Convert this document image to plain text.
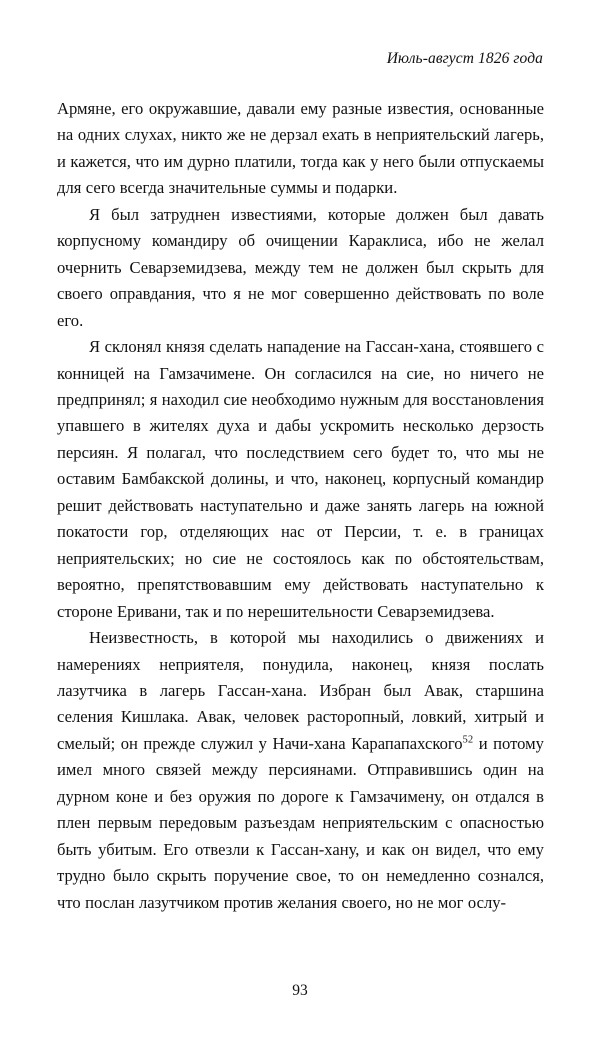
Июль-август 1826 года

Армяне, его окружавшие, давали ему разные известия, основанные на одних слухах, никто же не дерзал ехать в неприятельский лагерь, и кажется, что им дурно платили, тогда как у него были отпускаемы для сего всегда значительные суммы и подарки.

Я был затруднен известиями, которые должен был давать корпусному командиру об очищении Караклиса, ибо не желал очернить Севарземидзева, между тем не должен был скрыть для своего оправдания, что я не мог совершенно действовать по воле его.

Я склонял князя сделать нападение на Гассан-хана, стоявшего с конницей на Гамзачимене. Он согласился на сие, но ничего не предпринял; я находил сие необходимо нужным для восстановления упавшего в жителях духа и дабы ускромить несколько дерзость персиян. Я полагал, что последствием сего будет то, что мы не оставим Бамбакской долины, и что, наконец, корпусный командир решит действовать наступательно и даже занять лагерь на южной покатости гор, отделяющих нас от Персии, т. е. в границах неприятельских; но сие не состоялось как по обстоятельствам, вероятно, препятствовавшим ему действовать наступательно к стороне Еривани, так и по нерешительности Севарземидзева.

Неизвестность, в которой мы находились о движениях и намерениях неприятеля, понудила, наконец, князя послать лазутчика в лагерь Гассан-хана. Избран был Авак, старшина селения Кишлака. Авак, человек расторопный, ловкий, хитрый и смелый; он прежде служил у Начи-хана Карапапахского$^{52}$ и потому имел много связей между персиянами. Отправившись один на дурном коне и без оружия по дороге к Гамзачимену, он отдался в плен первым передовым разъездам неприятельским с опасностью быть убитым. Его отвезли к Гассан-хану, и как он видел, что ему трудно было скрыть поручение свое, то он немедленно сознался, что послан лазутчиком против желания своего, но не мог ослу-

93
